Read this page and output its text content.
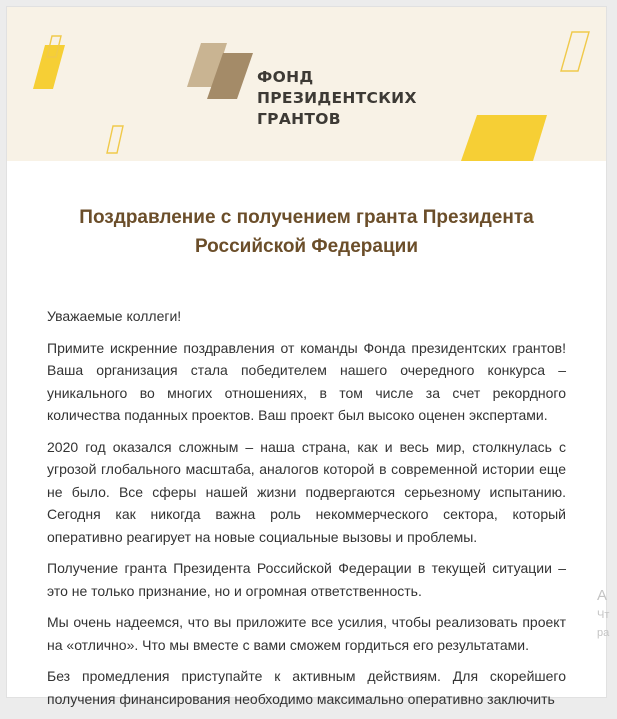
ФОНД
ПРЕЗИДЕНТСКИХ
ГРАНТОВ
Поздравление с получением гранта Президента
Российской Федерации

Уважаемые коллеги!

Примите искренние поздравления от команды Фонда президентских грантов! Ваша организация стала победителем нашего очередного конкурса – уникального во многих отношениях, в том числе за счет рекордного количества поданных проектов. Ваш проект был высоко оценен экспертами.

2020 год оказался сложным – наша страна, как и весь мир, столкнулась с угрозой глобального масштаба, аналогов которой в современной истории еще не было. Все сферы нашей жизни подвергаются серьезному испытанию. Сегодня как никогда важна роль некоммерческого сектора, который оперативно реагирует на новые социальные вызовы и проблемы.

Получение гранта Президента Российской Федерации в текущей ситуации – это не только признание, но и огромная ответственность.

Мы очень надеемся, что вы приложите все усилия, чтобы реализовать проект на «отлично». Что мы вместе с вами сможем гордиться его результатами.

Без промедления приступайте к активным действиям. Для скорейшего получения финансирования необходимо максимально оперативно заключить

А
Чт
ра
